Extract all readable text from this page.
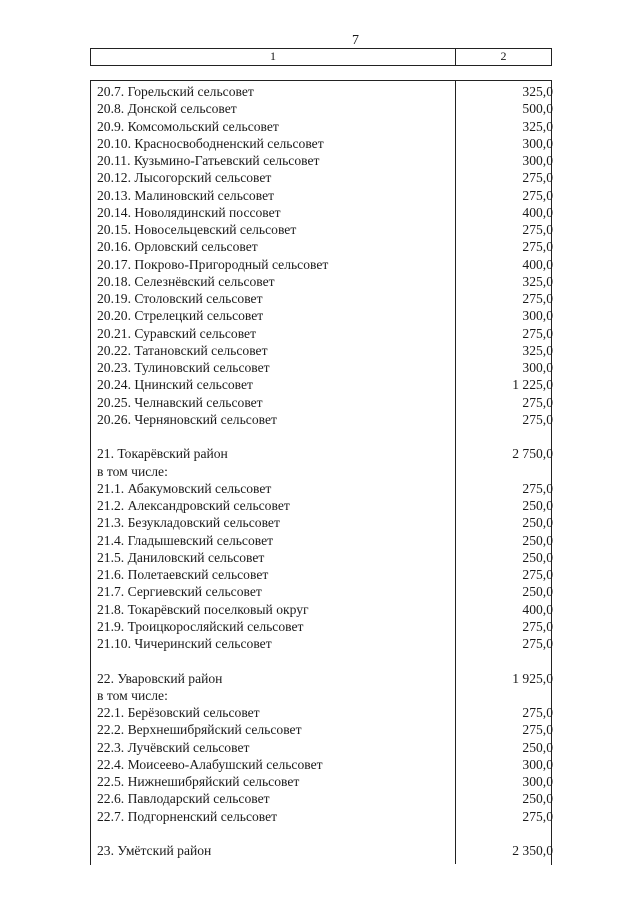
7
1	2
20.7. Горельский сельсовет	325,0
20.8. Донской сельсовет	500,0
20.9. Комсомольский сельсовет	325,0
20.10. Красносвободненский сельсовет	300,0
20.11. Кузьмино-Гатьевский сельсовет	300,0
20.12. Лысогорский сельсовет	275,0
20.13. Малиновский сельсовет	275,0
20.14. Новолядинский поссовет	400,0
20.15. Новосельцевский сельсовет	275,0
20.16. Орловский сельсовет	275,0
20.17. Покрово-Пригородный сельсовет	400,0
20.18. Селезнёвский сельсовет	325,0
20.19. Столовский сельсовет	275,0
20.20. Стрелецкий сельсовет	300,0
20.21. Суравский сельсовет	275,0
20.22. Татановский сельсовет	325,0
20.23. Тулиновский сельсовет	300,0
20.24. Цнинский сельсовет	1 225,0
20.25. Челнавский сельсовет	275,0
20.26. Черняновский сельсовет	275,0
21. Токарёвский район	2 750,0
в том числе:
21.1. Абакумовский сельсовет	275,0
21.2. Александровский сельсовет	250,0
21.3. Безукладовский сельсовет	250,0
21.4. Гладышевский сельсовет	250,0
21.5. Даниловский сельсовет	250,0
21.6. Полетаевский сельсовет	275,0
21.7. Сергиевский сельсовет	250,0
21.8. Токарёвский поселковый округ	400,0
21.9. Троицкоросляйский сельсовет	275,0
21.10. Чичеринский сельсовет	275,0
22. Уваровский район	1 925,0
в том числе:
22.1. Берёзовский сельсовет	275,0
22.2. Верхнешибряйский сельсовет	275,0
22.3. Лучёвский сельсовет	250,0
22.4. Моисеево-Алабушский сельсовет	300,0
22.5. Нижнешибряйский сельсовет	300,0
22.6. Павлодарский сельсовет	250,0
22.7. Подгорненский сельсовет	275,0
23. Умётский район	2 350,0
